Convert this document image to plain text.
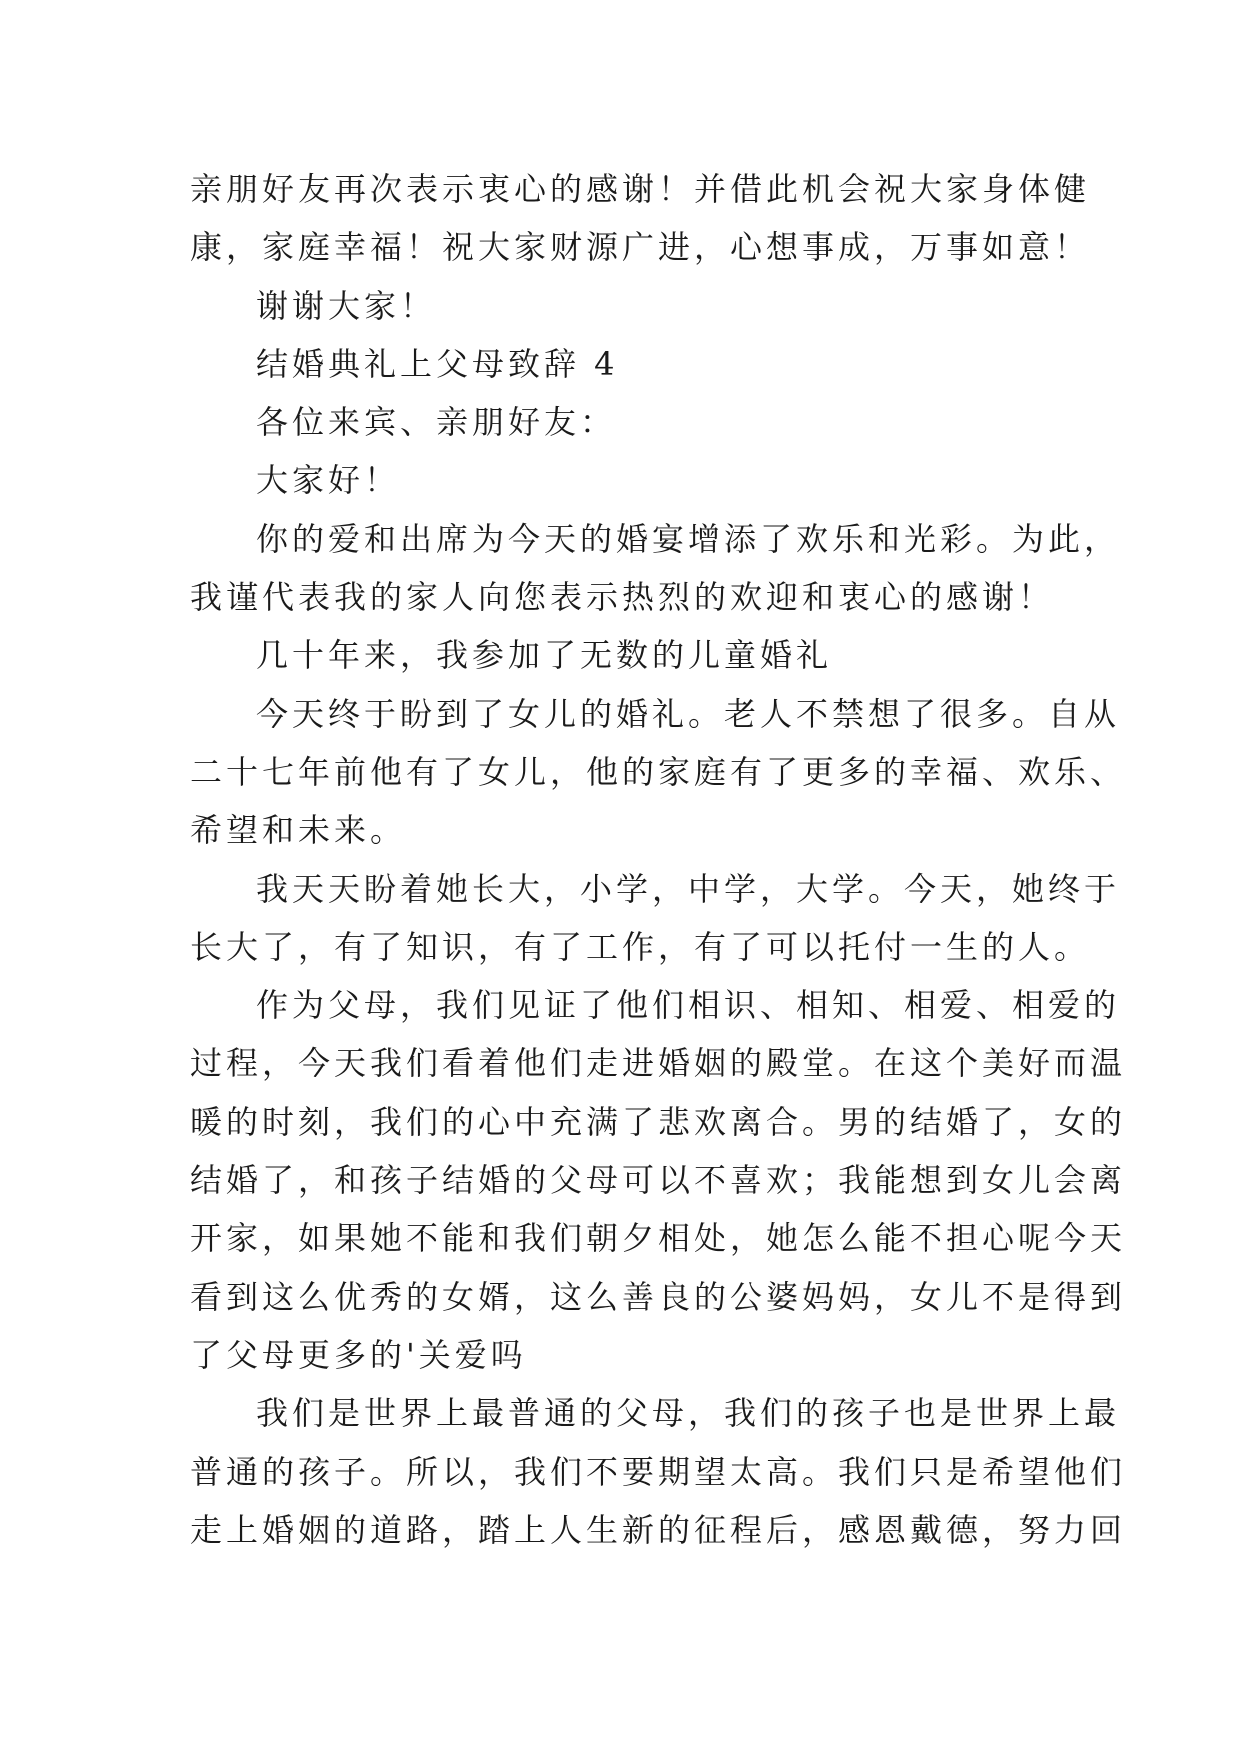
亲朋好友再次表示衷心的感谢！并借此机会祝大家身体健
康，家庭幸福！祝大家财源广进，心想事成，万事如意！
谢谢大家！
结婚典礼上父母致辞 4
各位来宾、亲朋好友：
大家好！
你的爱和出席为今天的婚宴增添了欢乐和光彩。为此，
我谨代表我的家人向您表示热烈的欢迎和衷心的感谢！
几十年来，我参加了无数的儿童婚礼
今天终于盼到了女儿的婚礼。老人不禁想了很多。自从
二十七年前他有了女儿，他的家庭有了更多的幸福、欢乐、
希望和未来。
我天天盼着她长大，小学，中学，大学。今天，她终于
长大了，有了知识，有了工作，有了可以托付一生的人。
作为父母，我们见证了他们相识、相知、相爱、相爱的
过程，今天我们看着他们走进婚姻的殿堂。在这个美好而温
暖的时刻，我们的心中充满了悲欢离合。男的结婚了，女的
结婚了，和孩子结婚的父母可以不喜欢；我能想到女儿会离
开家，如果她不能和我们朝夕相处，她怎么能不担心呢今天
看到这么优秀的女婿，这么善良的公婆妈妈，女儿不是得到
了父母更多的'关爱吗
我们是世界上最普通的父母，我们的孩子也是世界上最
普通的孩子。所以，我们不要期望太高。我们只是希望他们
走上婚姻的道路，踏上人生新的征程后，感恩戴德，努力回
